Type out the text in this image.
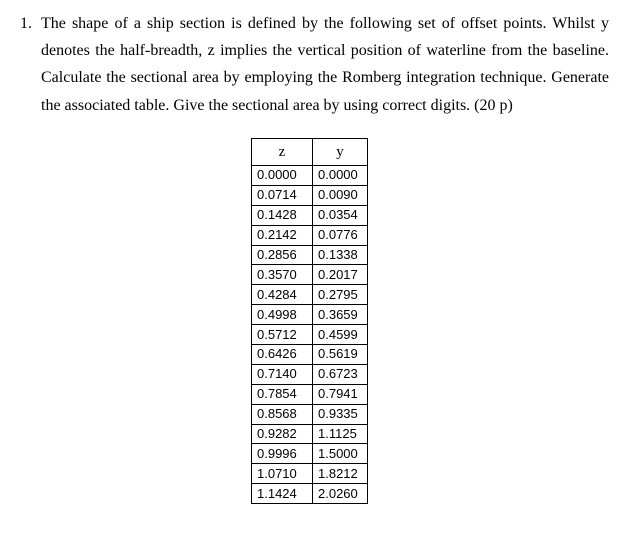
1. The shape of a ship section is defined by the following set of offset points. Whilst y
denotes the half-breadth, z implies the vertical position of waterline from the baseline.
Calculate the sectional area by employing the Romberg integration technique. Generate
the associated table. Give the sectional area by using correct digits. (20 p)
z	y
0.0000	0.0000
0.0714	0.0090
0.1428	0.0354
0.2142	0.0776
0.2856	0.1338
0.3570	0.2017
0.4284	0.2795
0.4998	0.3659
0.5712	0.4599
0.6426	0.5619
0.7140	0.6723
0.7854	0.7941
0.8568	0.9335
0.9282	1.1125
0.9996	1.5000
1.0710	1.8212
1.1424	2.0260
